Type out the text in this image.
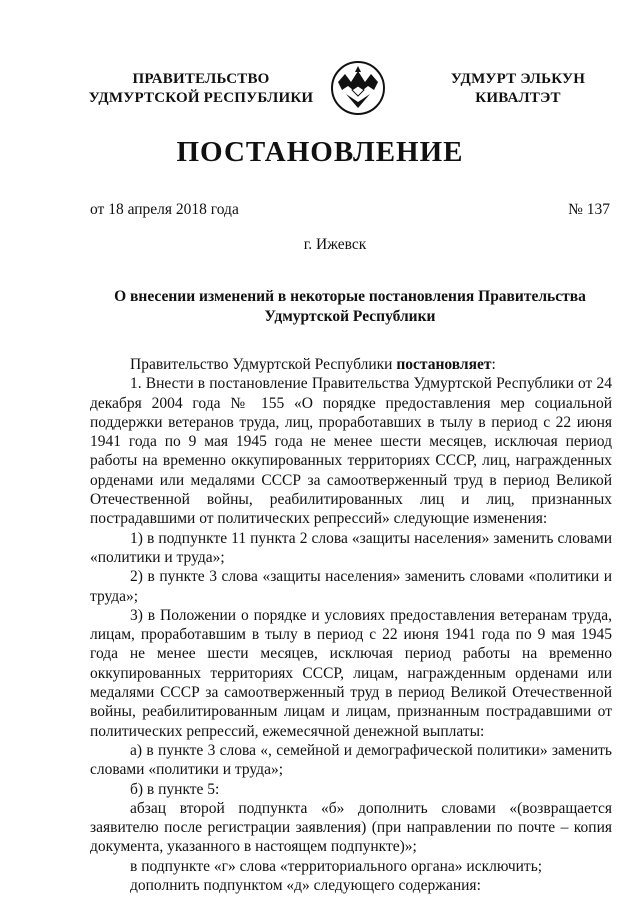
ПРАВИТЕЛЬСТВО
УДМУРТСКОЙ РЕСПУБЛИКИ
УДМУРТ ЭЛЬКУН
КИВАЛТЭТ
ПОСТАНОВЛЕНИЕ
от 18 апреля 2018 года	№ 137
г. Ижевск
О внесении изменений в некоторые постановления Правительства
Удмуртской Республики

Правительство Удмуртской Республики постановляет:

1. Внести в постановление Правительства Удмуртской Республики от 24 декабря 2004 года № 155 «О порядке предоставления мер социальной поддержки ветеранов труда, лиц, проработавших в тылу в период с 22 июня 1941 года по 9 мая 1945 года не менее шести месяцев, исключая период работы на временно оккупированных территориях СССР, лиц, награжденных орденами или медалями СССР за самоотверженный труд в период Великой Отечественной войны, реабилитированных лиц и лиц, признанных пострадавшими от политических репрессий» следующие изменения:

1) в подпункте 11 пункта 2 слова «защиты населения» заменить словами «политики и труда»;

2) в пункте 3 слова «защиты населения» заменить словами «политики и труда»;

3) в Положении о порядке и условиях предоставления ветеранам труда, лицам, проработавшим в тылу в период с 22 июня 1941 года по 9 мая 1945 года не менее шести месяцев, исключая период работы на временно оккупированных территориях СССР, лицам, награжденным орденами или медалями СССР за самоотверженный труд в период Великой Отечественной войны, реабилитированным лицам и лицам, признанным пострадавшими от политических репрессий, ежемесячной денежной выплаты:

а) в пункте 3 слова «, семейной и демографической политики» заменить словами «политики и труда»;

б) в пункте 5:

абзац второй подпункта «б» дополнить словами «(возвращается заявителю после регистрации заявления) (при направлении по почте – копия документа, указанного в настоящем подпункте)»;

в подпункте «г» слова «территориального органа» исключить;

дополнить подпунктом «д» следующего содержания:
